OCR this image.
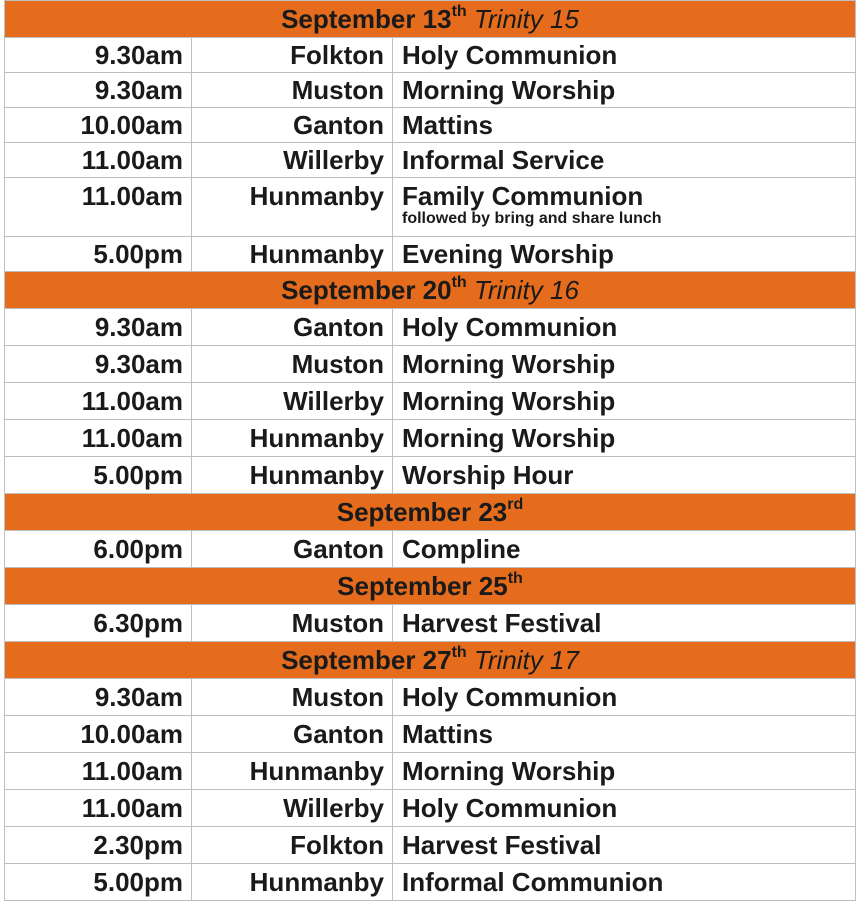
September 13th Trinity 15		
9.30am	Folkton	Holy Communion
9.30am	Muston	Morning Worship
10.00am	Ganton	Mattins
11.00am	Willerby	Informal Service
11.00am	Hunmanby	Family Communion
followed by bring and share lunch

5.00pm	Hunmanby	Evening Worship
September 20th Trinity 16		
9.30am	Ganton	Holy Communion
9.30am	Muston	Morning Worship
11.00am	Willerby	Morning Worship
11.00am	Hunmanby	Morning Worship
5.00pm	Hunmanby	Worship Hour
September 23rd
6.00pm	Ganton	Compline
September 25th
6.30pm	Muston	Harvest Festival
September 27th Trinity 17		
9.30am	Muston	Holy Communion
10.00am	Ganton	Mattins
11.00am	Hunmanby	Morning Worship
11.00am	Willerby	Holy Communion
2.30pm	Folkton	Harvest Festival
5.00pm	Hunmanby	Informal Communion
